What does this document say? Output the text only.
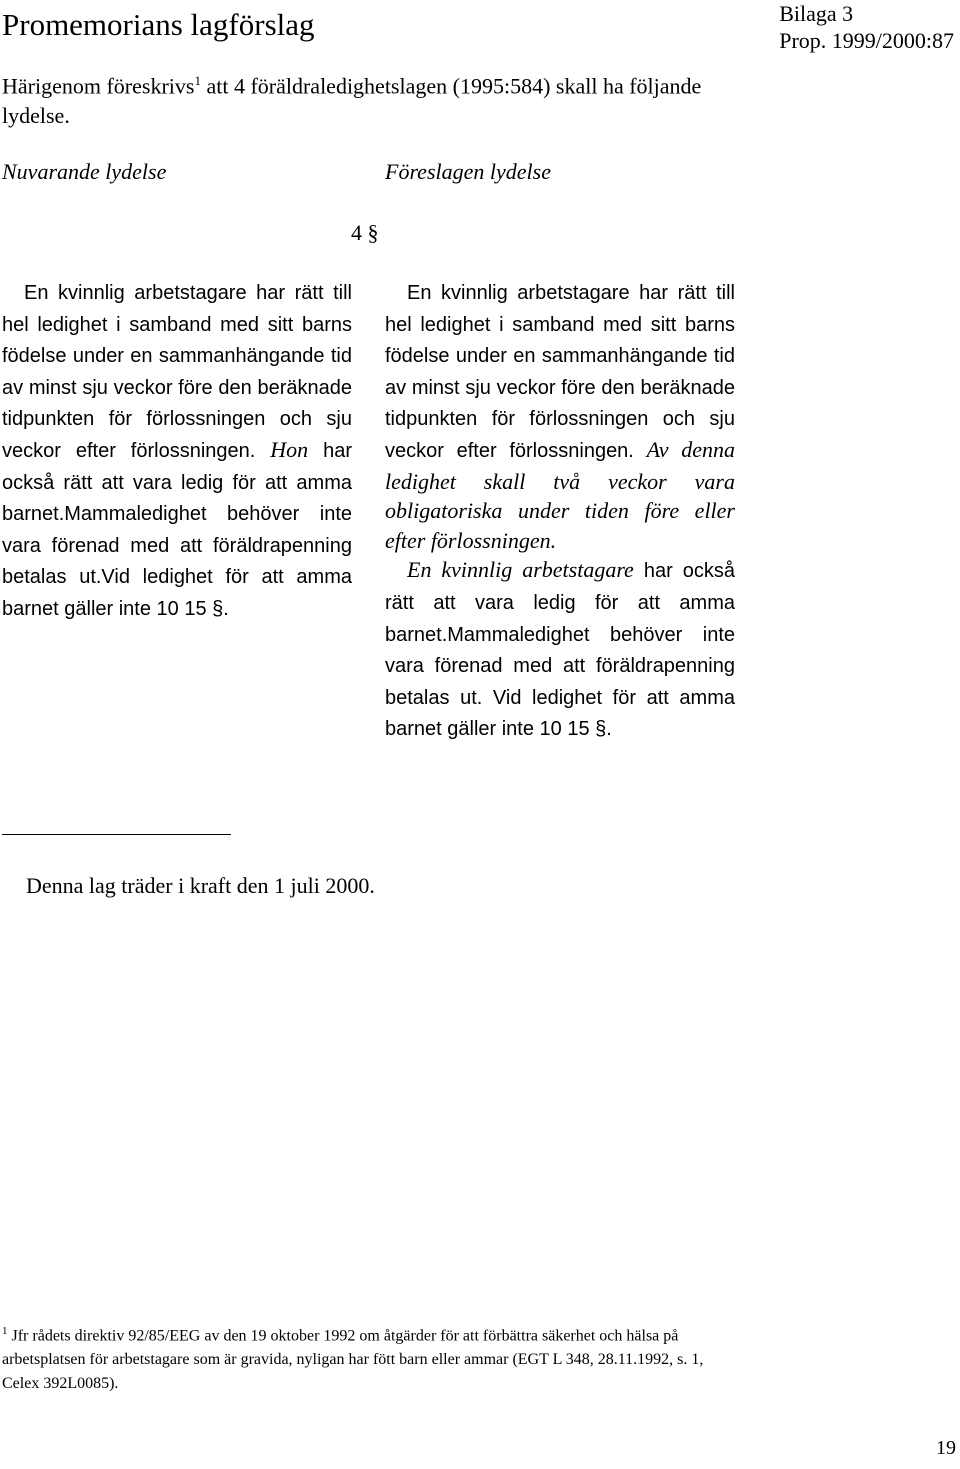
Promemorians lagförslag	Bilaga 3
Prop. 1999/2000:87
Härigenom föreskrivs$^1$ att 4 föräldraledighetslagen (1995:584) skall ha följande lydelse.
Nuvarande lydelse	Föreslagen lydelse
4 §

En kvinnlig arbetstagare har rätt till hel ledighet i samband med sitt barns födelse under en sammanhängande tid av minst sju veckor före den beräknade tidpunkten för förlossningen och sju veckor efter förlossningen. Hon har också rätt att vara ledig för att amma barnet.Mammaledighet behöver inte vara förenad med att föräldrapenning betalas ut.Vid ledighet för att amma barnet gäller inte 10 15 §.

En kvinnlig arbetstagare har rätt till hel ledighet i samband med sitt barns födelse under en sammanhängande tid av minst sju veckor före den beräknade tidpunkten för förlossningen och sju veckor efter förlossningen. Av denna ledighet skall två veckor vara obligatoriska under tiden före eller efter förlossningen.

En kvinnlig arbetstagare har också rätt att vara ledig för att amma barnet.Mammaledighet behöver inte vara förenad med att föräldrapenning betalas ut. Vid ledighet för att amma barnet gäller inte 10 15 §.

Denna lag träder i kraft den 1 juli 2000.
$^1$ Jfr rådets direktiv 92/85/EEG av den 19 oktober 1992 om åtgärder för att förbättra säkerhet och hälsa på arbetsplatsen för arbetstagare som är gravida, nyligan har fött barn eller ammar (EGT L 348, 28.11.1992, s. 1, Celex 392L0085).
19
